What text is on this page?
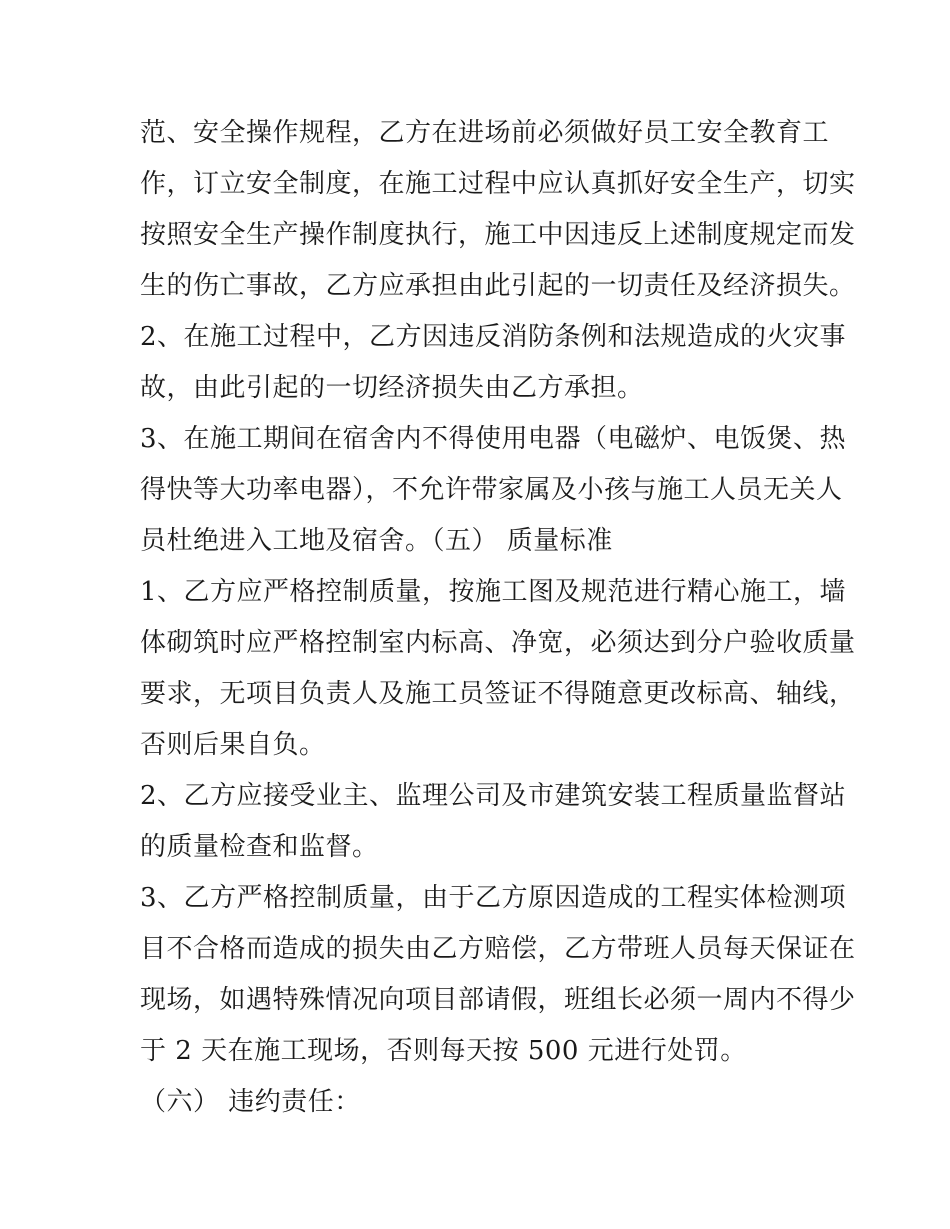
范、安全操作规程，乙方在进场前必须做好员工安全教育工
作，订立安全制度，在施工过程中应认真抓好安全生产，切实
按照安全生产操作制度执行，施工中因违反上述制度规定而发
生的伤亡事故，乙方应承担由此引起的一切责任及经济损失。
2、在施工过程中，乙方因违反消防条例和法规造成的火灾事
故，由此引起的一切经济损失由乙方承担。
3、在施工期间在宿舍内不得使用电器（电磁炉、电饭煲、热
得快等大功率电器），不允许带家属及小孩与施工人员无关人
员杜绝进入工地及宿舍。（五） 质量标准
1、乙方应严格控制质量，按施工图及规范进行精心施工，墙
体砌筑时应严格控制室内标高、净宽，必须达到分户验收质量
要求，无项目负责人及施工员签证不得随意更改标高、轴线，
否则后果自负。
2、乙方应接受业主、监理公司及市建筑安装工程质量监督站
的质量检查和监督。
3、乙方严格控制质量，由于乙方原因造成的工程实体检测项
目不合格而造成的损失由乙方赔偿，乙方带班人员每天保证在
现场，如遇特殊情况向项目部请假，班组长必须一周内不得少
于 2 天在施工现场，否则每天按 500 元进行处罚。
（六） 违约责任：
